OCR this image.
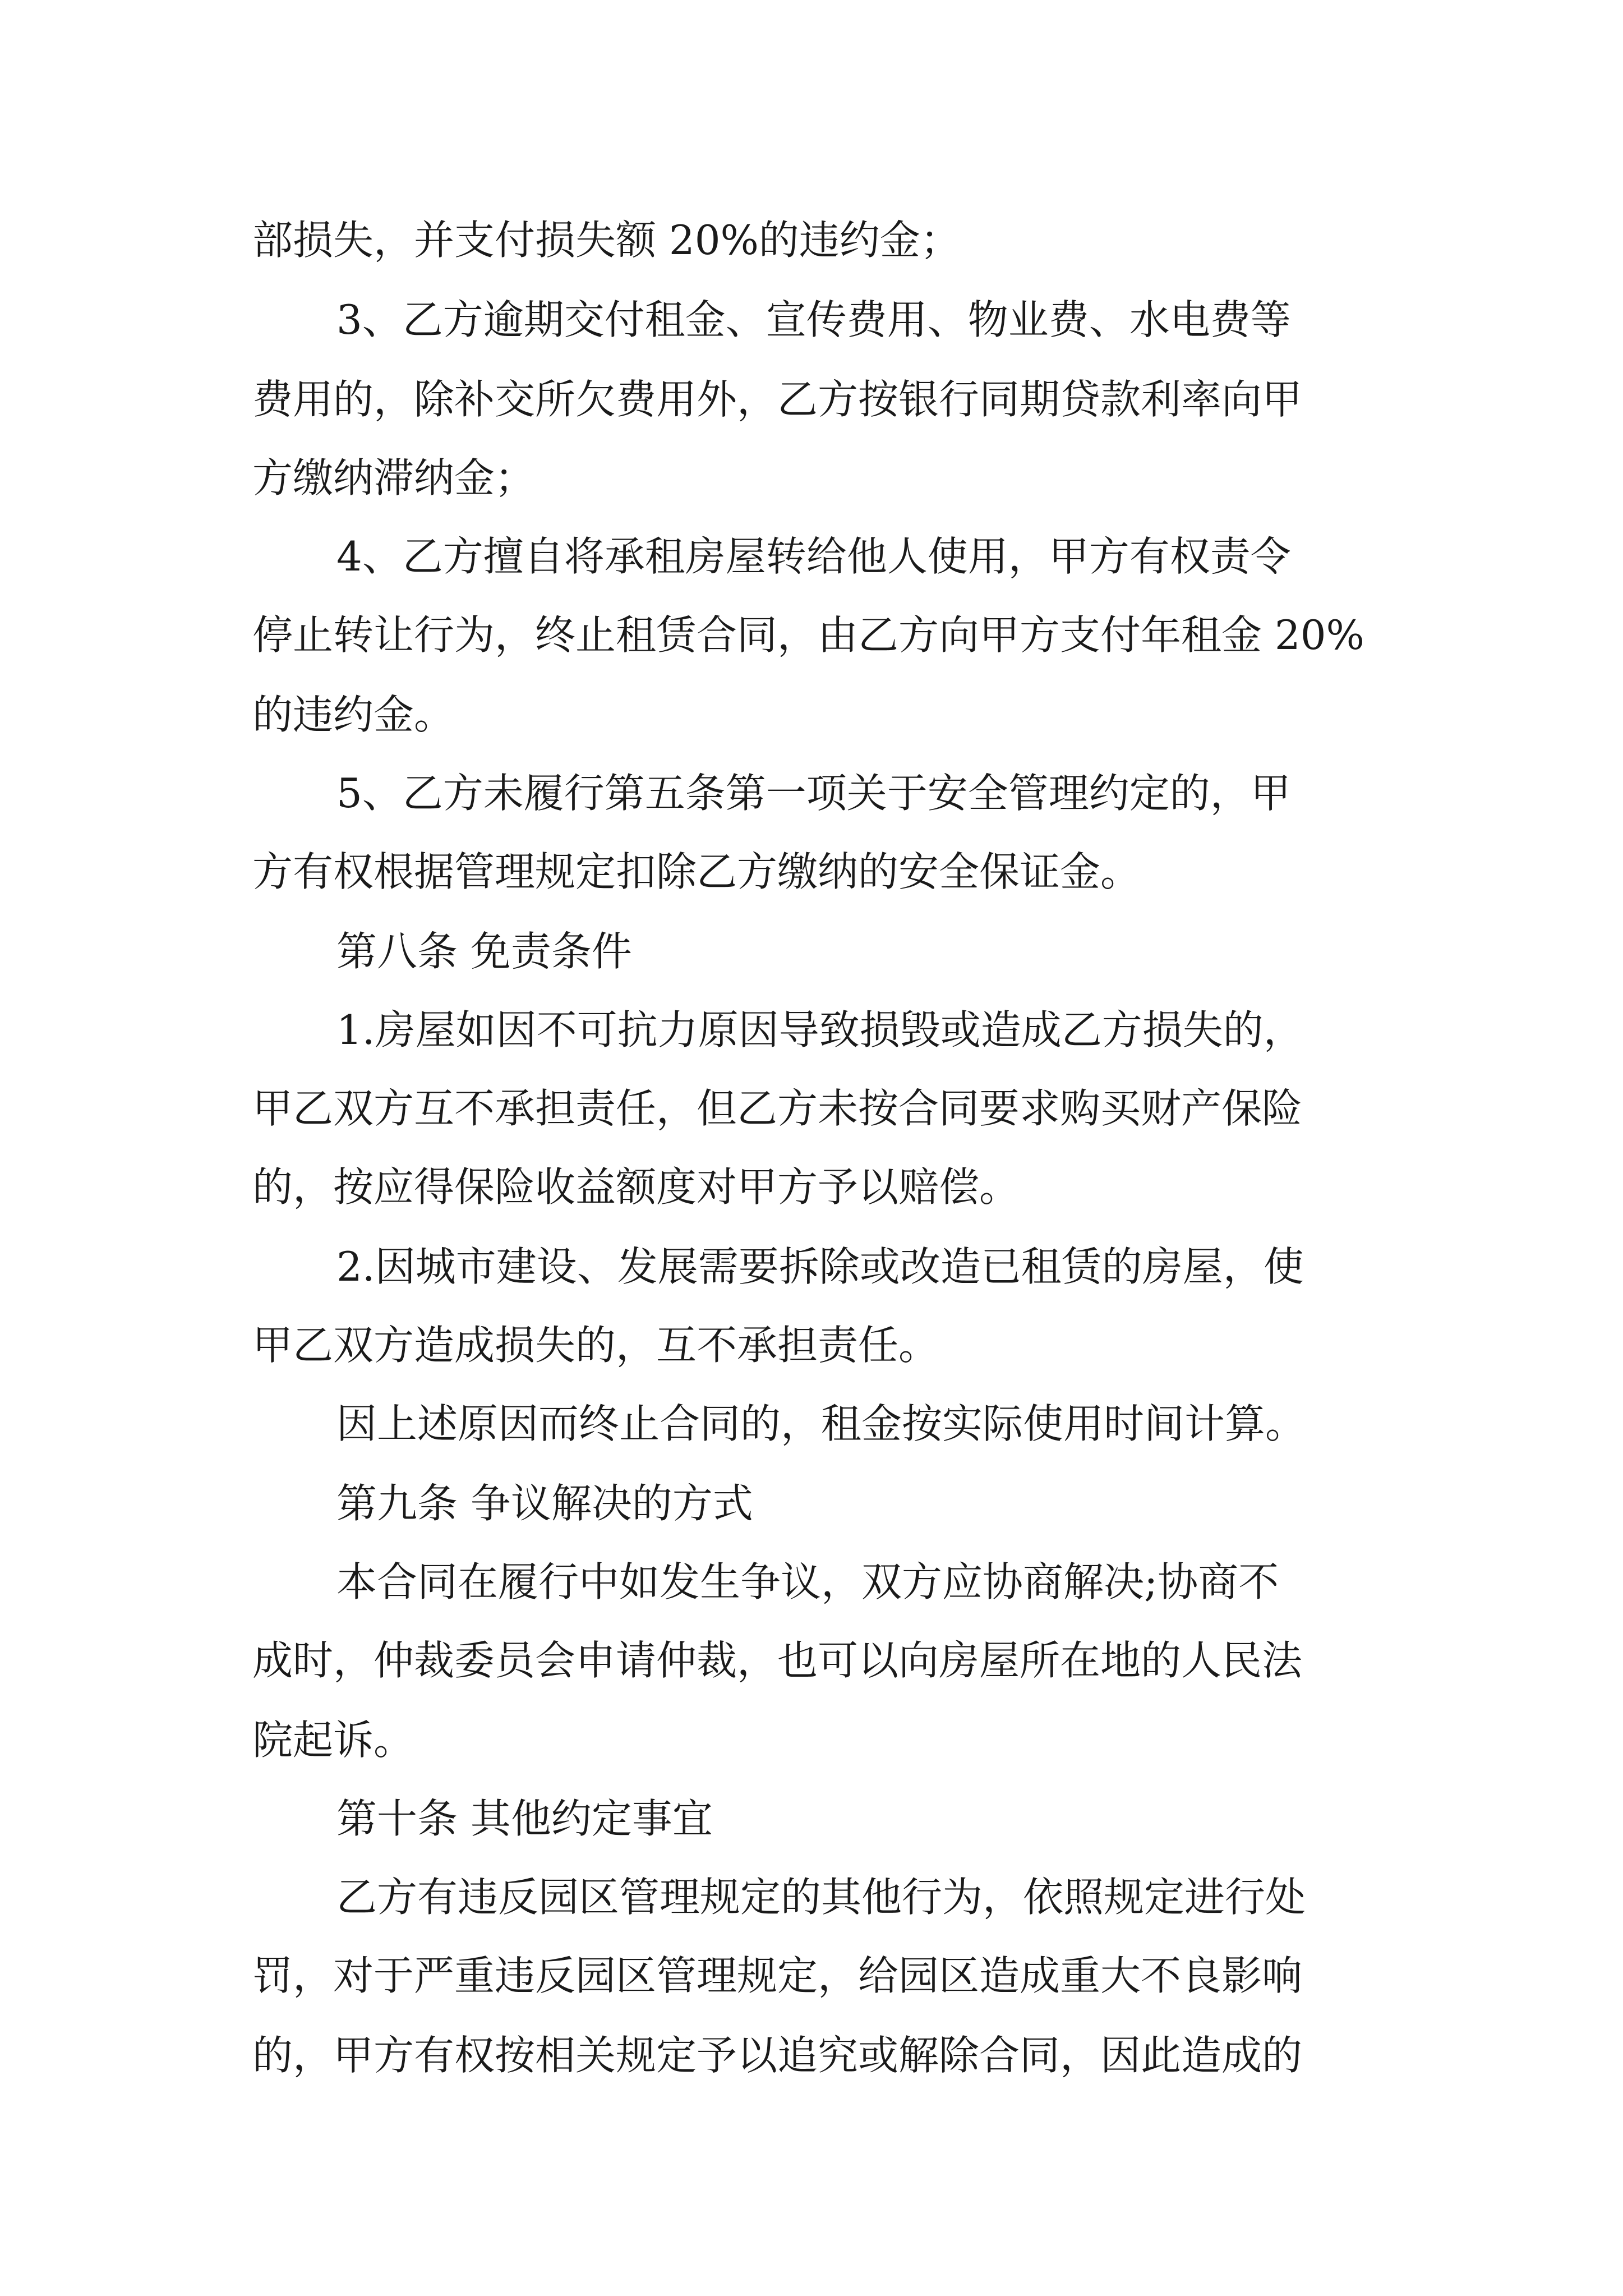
部损失，并支付损失额 20%的违约金；

3、乙方逾期交付租金、宣传费用、物业费、水电费等

费用的，除补交所欠费用外，乙方按银行同期贷款利率向甲

方缴纳滞纳金；

4、乙方擅自将承租房屋转给他人使用，甲方有权责令

停止转让行为，终止租赁合同，由乙方向甲方支付年租金 20%

的违约金。

5、乙方未履行第五条第一项关于安全管理约定的，甲

方有权根据管理规定扣除乙方缴纳的安全保证金。

第八条 免责条件

1.房屋如因不可抗力原因导致损毁或造成乙方损失的，

甲乙双方互不承担责任，但乙方未按合同要求购买财产保险

的，按应得保险收益额度对甲方予以赔偿。

2.因城市建设、发展需要拆除或改造已租赁的房屋，使

甲乙双方造成损失的，互不承担责任。

因上述原因而终止合同的，租金按实际使用时间计算。

第九条 争议解决的方式

本合同在履行中如发生争议，双方应协商解决;协商不

成时，仲裁委员会申请仲裁，也可以向房屋所在地的人民法

院起诉。

第十条 其他约定事宜

乙方有违反园区管理规定的其他行为，依照规定进行处

罚，对于严重违反园区管理规定，给园区造成重大不良影响

的，甲方有权按相关规定予以追究或解除合同，因此造成的
